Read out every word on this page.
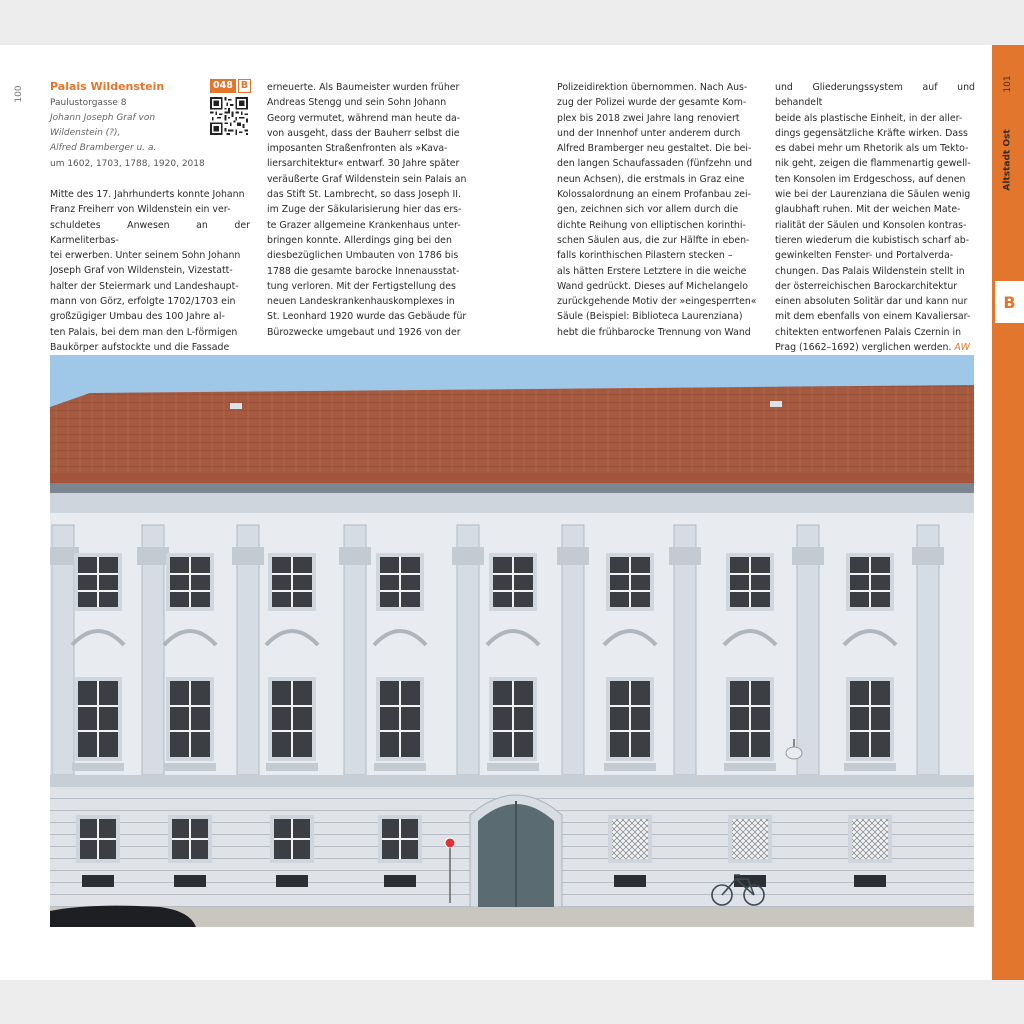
100 Palais Wildenstein	048 B
Paulustorgasse 8
Johann Joseph Graf von
Wildenstein (?),
Alfred Bramberger u. a.
um 1602, 1703, 1788, 1920, 2018
Mitte des 17. Jahrhunderts konnte Johann
Franz Freiherr von Wildenstein ein ver-
schuldetes Anwesen an der Karmeliterbas-
tei erwerben. Unter seinem Sohn Johann
Joseph Graf von Wildenstein, Vizestatt-
halter der Steiermark und Landeshaupt-
mann von Görz, erfolgte 1702/1703 ein
großzügiger Umbau des 100 Jahre al-
ten Palais, bei dem man den L-förmigen
Baukörper aufstockte und die Fassade
erneuerte. Als Baumeister wurden früher
Andreas Stengg und sein Sohn Johann
Georg vermutet, während man heute da-
von ausgeht, dass der Bauherr selbst die
imposanten Straßenfronten als »Kava-
liersarchitektur« entwarf. 30 Jahre später
veräußerte Graf Wildenstein sein Palais an
das Stift St. Lambrecht, so dass Joseph II.
im Zuge der Säkularisierung hier das ers-
te Grazer allgemeine Krankenhaus unter-
bringen konnte. Allerdings ging bei den
diesbezüglichen Umbauten von 1786 bis
1788 die gesamte barocke Innenausstat-
tung verloren. Mit der Fertigstellung des
neuen Landeskrankenhauskomplexes in
St. Leonhard 1920 wurde das Gebäude für
Bürozwecke umgebaut und 1926 von der
Polizeidirektion übernommen. Nach Aus-
zug der Polizei wurde der gesamte Kom-
plex bis 2018 zwei Jahre lang renoviert
und der Innenhof unter anderem durch
Alfred Bramberger neu gestaltet. Die bei-
den langen Schaufassaden (fünfzehn und
neun Achsen), die erstmals in Graz eine
Kolossalordnung an einem Profanbau zei-
gen, zeichnen sich vor allem durch die
dichte Reihung von elliptischen korinthi-
schen Säulen aus, die zur Hälfte in eben-
falls korinthischen Pilastern stecken –
als hätten Erstere Letztere in die weiche
Wand gedrückt. Dieses auf Michelangelo
zurückgehende Motiv der »eingesperrten«
Säule (Beispiel: Biblioteca Laurenziana)
hebt die frühbarocke Trennung von Wand
und Gliederungssystem auf und behandelt
beide als plastische Einheit, in der aller-
dings gegensätzliche Kräfte wirken. Dass
es dabei mehr um Rhetorik als um Tekto-
nik geht, zeigen die flammenartig gewell-
ten Konsolen im Erdgeschoss, auf denen
wie bei der Laurenziana die Säulen wenig
glaubhaft ruhen. Mit der weichen Mate-
rialität der Säulen und Konsolen kontras-
tieren wiederum die kubistisch scharf ab-
gewinkelten Fenster- und Portalverda-
chungen. Das Palais Wildenstein stellt in
der österreichischen Barockarchitektur
einen absoluten Solitär dar und kann nur
mit dem ebenfalls von einem Kavaliersar-
chitekten entworfenen Palais Czernin in
Prag (1662–1692) verglichen werden. AW
101
Altstadt Ost
B
